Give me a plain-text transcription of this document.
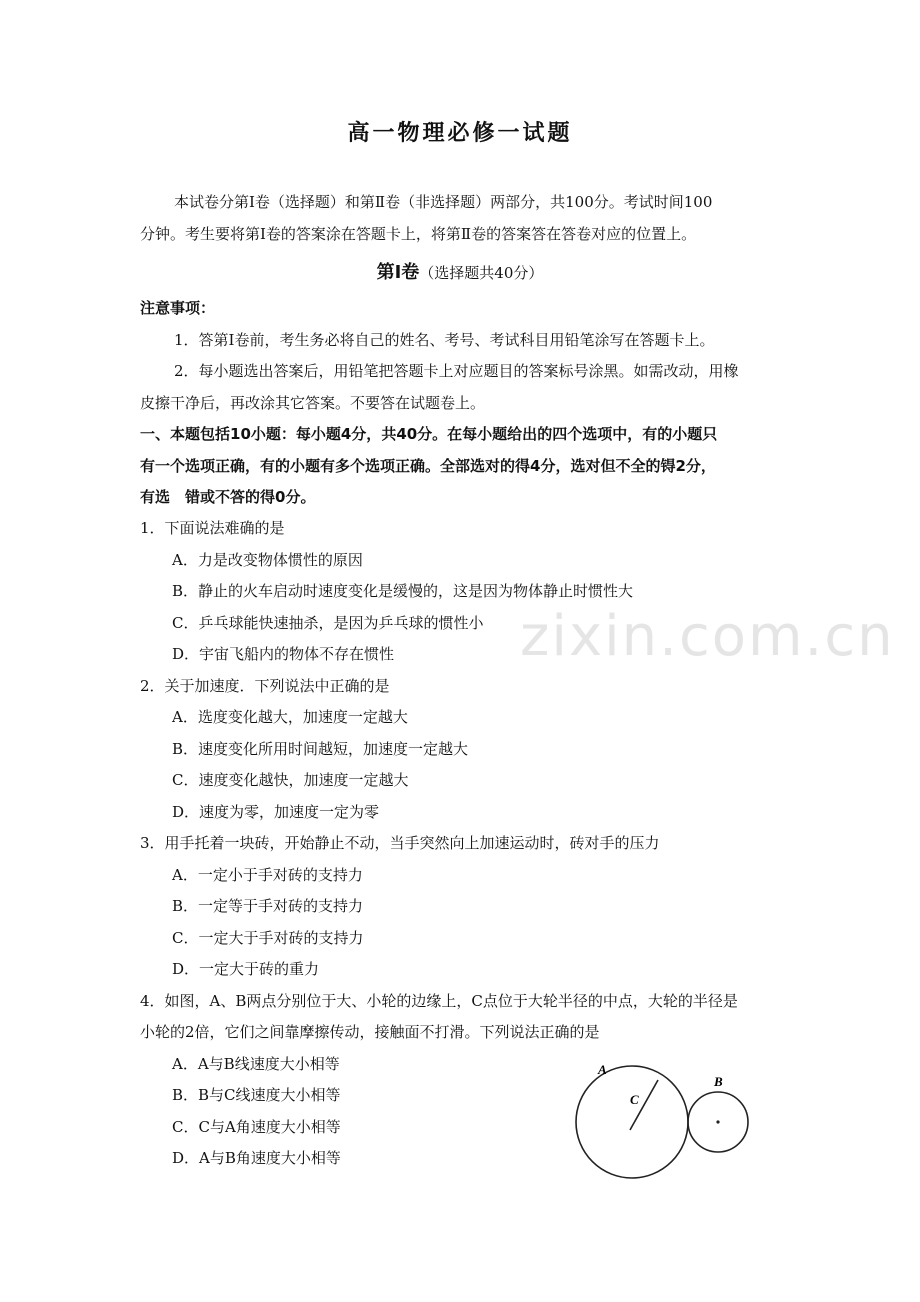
高一物理必修一试题
本试卷分第Ⅰ卷（选择题）和第Ⅱ卷（非选择题）两部分，共100分。考试时间100
分钟。考生要将第Ⅰ卷的答案涂在答题卡上，将第Ⅱ卷的答案答在答卷对应的位置上。
第Ⅰ卷（选择题共40分）
注意事项：
1．答第Ⅰ卷前，考生务必将自己的姓名、考号、考试科目用铅笔涂写在答题卡上。
2．每小题选出答案后，用铅笔把答题卡上对应题目的答案标号涂黑。如需改动，用橡
皮擦干净后，再改涂其它答案。不要答在试题卷上。
一、本题包括10小题：每小题4分，共40分。在每小题给出的四个选项中，有的小题只
有一个选项正确，有的小题有多个选项正确。全部选对的得4分，选对但不全的锝2分，
有选　错或不答的得0分。
1．下面说法难确的是
A．力是改变物体惯性的原因
B．静止的火车启动时速度变化是缓慢的，这是因为物体静止时惯性大
C．乒乓球能快速抽杀，是因为乒乓球的惯性小
D．宇宙飞船内的物体不存在惯性
2．关于加速度．下列说法中正确的是
A．选度变化越大，加速度一定越大
B．速度变化所用时间越短，加速度一定越大
C．速度变化越快，加速度一定越大
D．速度为零，加速度一定为零
3．用手托着一块砖，开始静止不动，当手突然向上加速运动时，砖对手的压力
A．一定小于手对砖的支持力
B．一定等于手对砖的支持力
C．一定大于手对砖的支持力
D．一定大于砖的重力
4．如图，A、B两点分别位于大、小轮的边缘上，C点位于大轮半径的中点，大轮的半径是
小轮的2倍，它们之间靠摩擦传动，接触面不打滑。下列说法正确的是
A．A与B线速度大小相等
B．B与C线速度大小相等
C．C与A角速度大小相等
D．A与B角速度大小相等
A
C
B
zixin.com.cn
